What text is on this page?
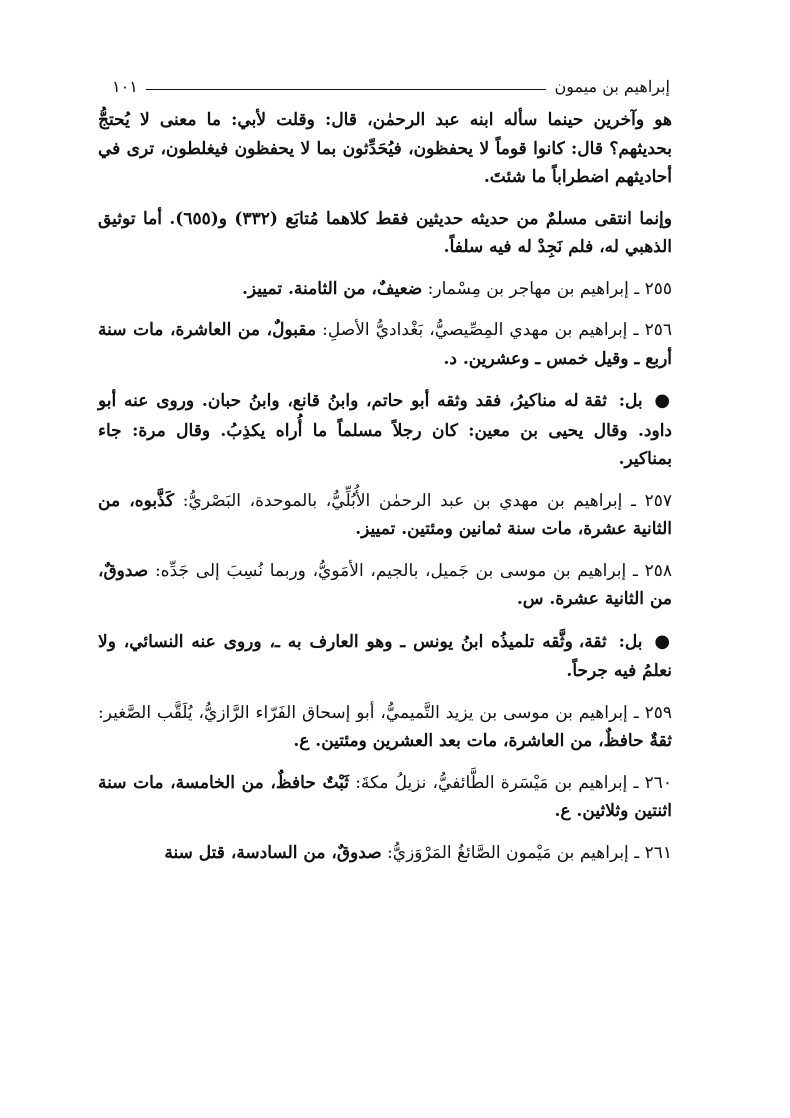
إبراهيم بن ميمون
١٠١

هو وآخرين حينما سأله ابنه عبد الرحمٰن، قال: وقلت لأبي: ما معنى لا يُحتجُّ بحديثهم؟ قال: كانوا قوماً لا يحفظون، فيُحَدِّثون بما لا يحفظون فيغلطون، ترى في أحاديثهم اضطراباً ما شئتَ.

وإنما انتقى مسلمٌ من حديثه حديثين فقط كلاهما مُتابَع (٣٣٢) و(٦٥٥). أما توثيق الذهبي له، فلم نَجِدْ له فيه سلفاً.

٢٥٥ ـ إبراهيم بن مهاجر بن مِسْمار: ضعيفٌ، من الثامنة. تمييز.

٢٥٦ ـ إبراهيم بن مهدي المِصِّيصيُّ، بَغْداديُّ الأصلِ: مقبولٌ، من العاشرة، مات سنة أربع ـ وقيل خمس ـ وعشرين. د.

● بل: ثقة له مناكيرُ، فقد وثقه أبو حاتم، وابنُ قانع، وابنُ حبان. وروى عنه أبو داود. وقال يحيى بن معين: كان رجلاً مسلماً ما أُراه يكذِبُ. وقال مرة: جاء بمناكير.

٢٥٧ ـ إبراهيم بن مهدي بن عبد الرحمٰن الأُبُلِّيُّ، بالموحدة، البَصْريُّ: كَذَّبوه، من الثانية عشرة، مات سنة ثمانين ومئتين. تمييز.

٢٥٨ ـ إبراهيم بن موسى بن جَميل، بالجيم، الأمَويُّ، وربما نُسِبَ إلى جَدِّه: صدوقٌ، من الثانية عشرة. س.

● بل: ثقة، وثَّقه تلميذُه ابنُ يونس ـ وهو العارف به ـ، وروى عنه النسائي، ولا نعلمُ فيه جرحاً.

٢٥٩ ـ إبراهيم بن موسى بن يزيد التَّميميُّ، أبو إسحاق الفَرّاء الرَّازيُّ، يُلَقَّب الصَّغير: ثقةٌ حافظٌ، من العاشرة، مات بعد العشرين ومئتين. ع.

٢٦٠ ـ إبراهيم بن مَيْسَرة الطَّائفيُّ، نزيلُ مكةَ: ثَبْتٌ حافظٌ، من الخامسة، مات سنة اثنتين وثلاثين. ع.

٢٦١ ـ إبراهيم بن مَيْمون الصَّائغُ المَرْوَزيُّ: صدوقٌ، من السادسة، قتل سنة
